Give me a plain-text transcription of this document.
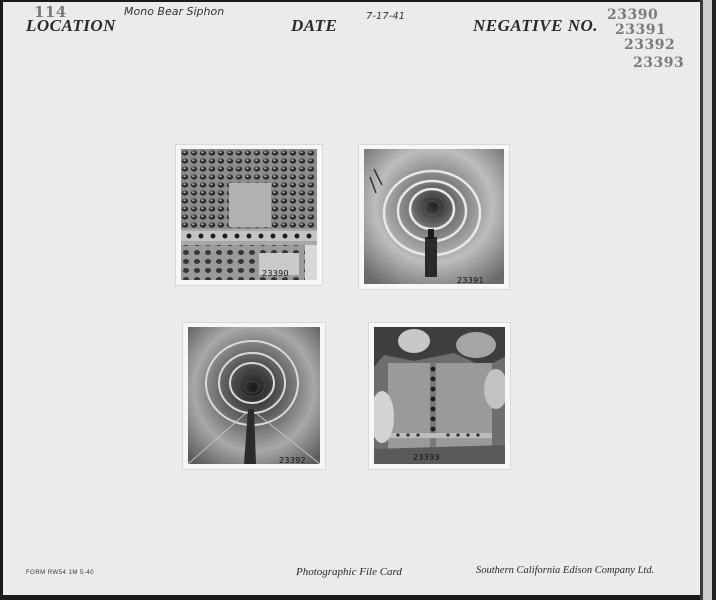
114
LOCATION
Mono Bear Siphon
DATE	7-17-41	NEGATIVE NO.
23390
23391
23392
23393
23390
23391
23392	23393
FORM RW54 1M 5-40	Photographic File Card	Southern California Edison Company Ltd.
